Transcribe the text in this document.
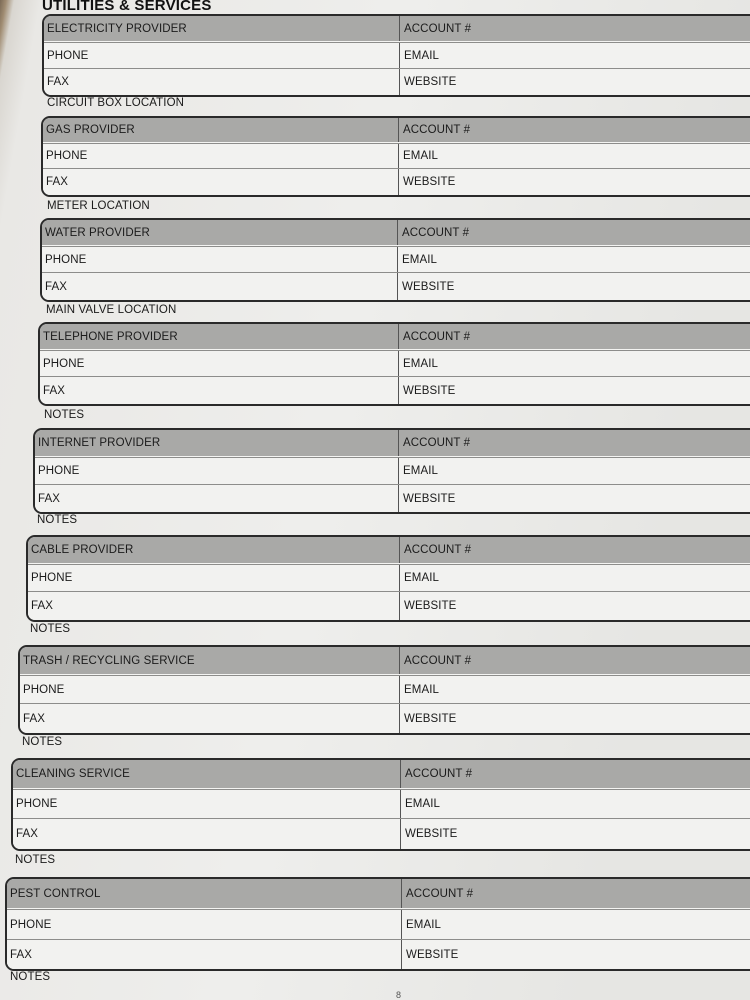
UTILITIES & SERVICES
ELECTRICITY PROVIDER	ACCOUNT #
PHONE	EMAIL
FAX	WEBSITE
CIRCUIT BOX LOCATION
GAS PROVIDER	ACCOUNT #
PHONE	EMAIL
FAX	WEBSITE
METER LOCATION
WATER PROVIDER	ACCOUNT #
PHONE	EMAIL
FAX	WEBSITE
MAIN VALVE LOCATION
TELEPHONE PROVIDER	ACCOUNT #
PHONE	EMAIL
FAX	WEBSITE
NOTES
INTERNET PROVIDER	ACCOUNT #
PHONE	EMAIL
FAX	WEBSITE
NOTES
CABLE PROVIDER	ACCOUNT #
PHONE	EMAIL
FAX	WEBSITE
NOTES
TRASH / RECYCLING SERVICE	ACCOUNT #
PHONE	EMAIL
FAX	WEBSITE
NOTES
CLEANING SERVICE	ACCOUNT #
PHONE	EMAIL
FAX	WEBSITE
NOTES
PEST CONTROL	ACCOUNT #
PHONE	EMAIL
FAX	WEBSITE
NOTES
8
